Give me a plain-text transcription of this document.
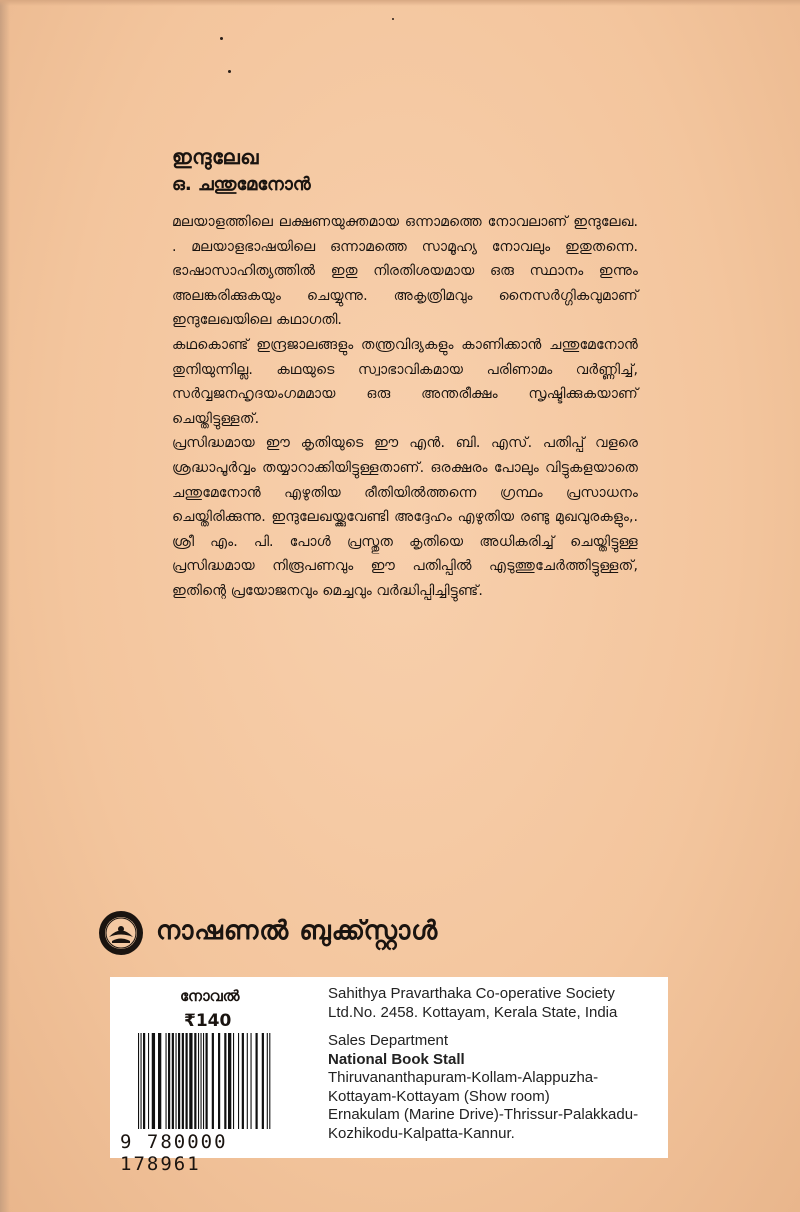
ഇന്ദുലേഖ
ഒ. ചന്തുമേനോൻ

മലയാളത്തിലെ ലക്ഷണയുക്തമായ ഒന്നാമത്തെ നോവലാണ് ഇന്ദുലേഖ. . മലയാളഭാഷയിലെ ഒന്നാമത്തെ സാമൂഹ്യ നോവലും ഇതുതന്നെ. ഭാഷാസാഹിത്യത്തിൽ ഇതു നിരതിശയമായ ഒരു സ്ഥാനം ഇന്നും അലങ്കരിക്കുകയും ചെയ്യുന്നു. അകൃത്രിമവും നൈസർഗ്ഗികവുമാണ് ഇന്ദുലേഖയിലെ കഥാഗതി.

കഥകൊണ്ട് ഇന്ദ്രജാലങ്ങളും തന്ത്രവിദ്യകളും കാണിക്കാൻ ചന്തുമേനോൻ തുനിയുന്നില്ല. കഥയുടെ സ്വാഭാവികമായ പരിണാമം വർണ്ണിച്ച്, സർവ്വജനഹൃദയംഗമമായ ഒരു അന്തരീക്ഷം സൃഷ്ടിക്കുകയാണ് ചെയ്തിട്ടുള്ളത്.

പ്രസിദ്ധമായ ഈ കൃതിയുടെ ഈ എൻ. ബി. എസ്. പതിപ്പ് വളരെ ശ്രദ്ധാപൂർവ്വം തയ്യാറാക്കിയിട്ടുള്ളതാണ്. ഒരക്ഷരം പോലും വിട്ടുകളയാതെ ചന്തുമേനോൻ എഴുതിയ രീതിയിൽത്തന്നെ ഗ്രന്ഥം പ്രസാധനം ചെയ്തിരിക്കുന്നു. ഇന്ദുലേഖയ്ക്കുവേണ്ടി അദ്ദേഹം എഴുതിയ രണ്ടു മുഖവുരകളും,. ശ്രീ എം. പി. പോൾ പ്രസ്തുത കൃതിയെ അധികരിച്ച് ചെയ്തിട്ടുള്ള പ്രസിദ്ധമായ നിരൂപണവും ഈ പതിപ്പിൽ എടുത്തുചേർത്തിട്ടുള്ളത്, ഇതിന്റെ പ്രയോജനവും മെച്ചവും വർദ്ധിപ്പിച്ചിട്ടുണ്ട്.

നാഷണൽ ബുക്ക്സ്റ്റാൾ
നോവൽ
₹140
9 780000 178961
Sahithya Pravarthaka Co-operative Society
Ltd.No. 2458. Kottayam, Kerala State, India
Sales Department
National Book Stall
Thiruvananthapuram-Kollam-Alappuzha-
Kottayam-Kottayam (Show room)
Ernakulam (Marine Drive)-Thrissur-Palakkadu-
Kozhikodu-Kalpatta-Kannur.
